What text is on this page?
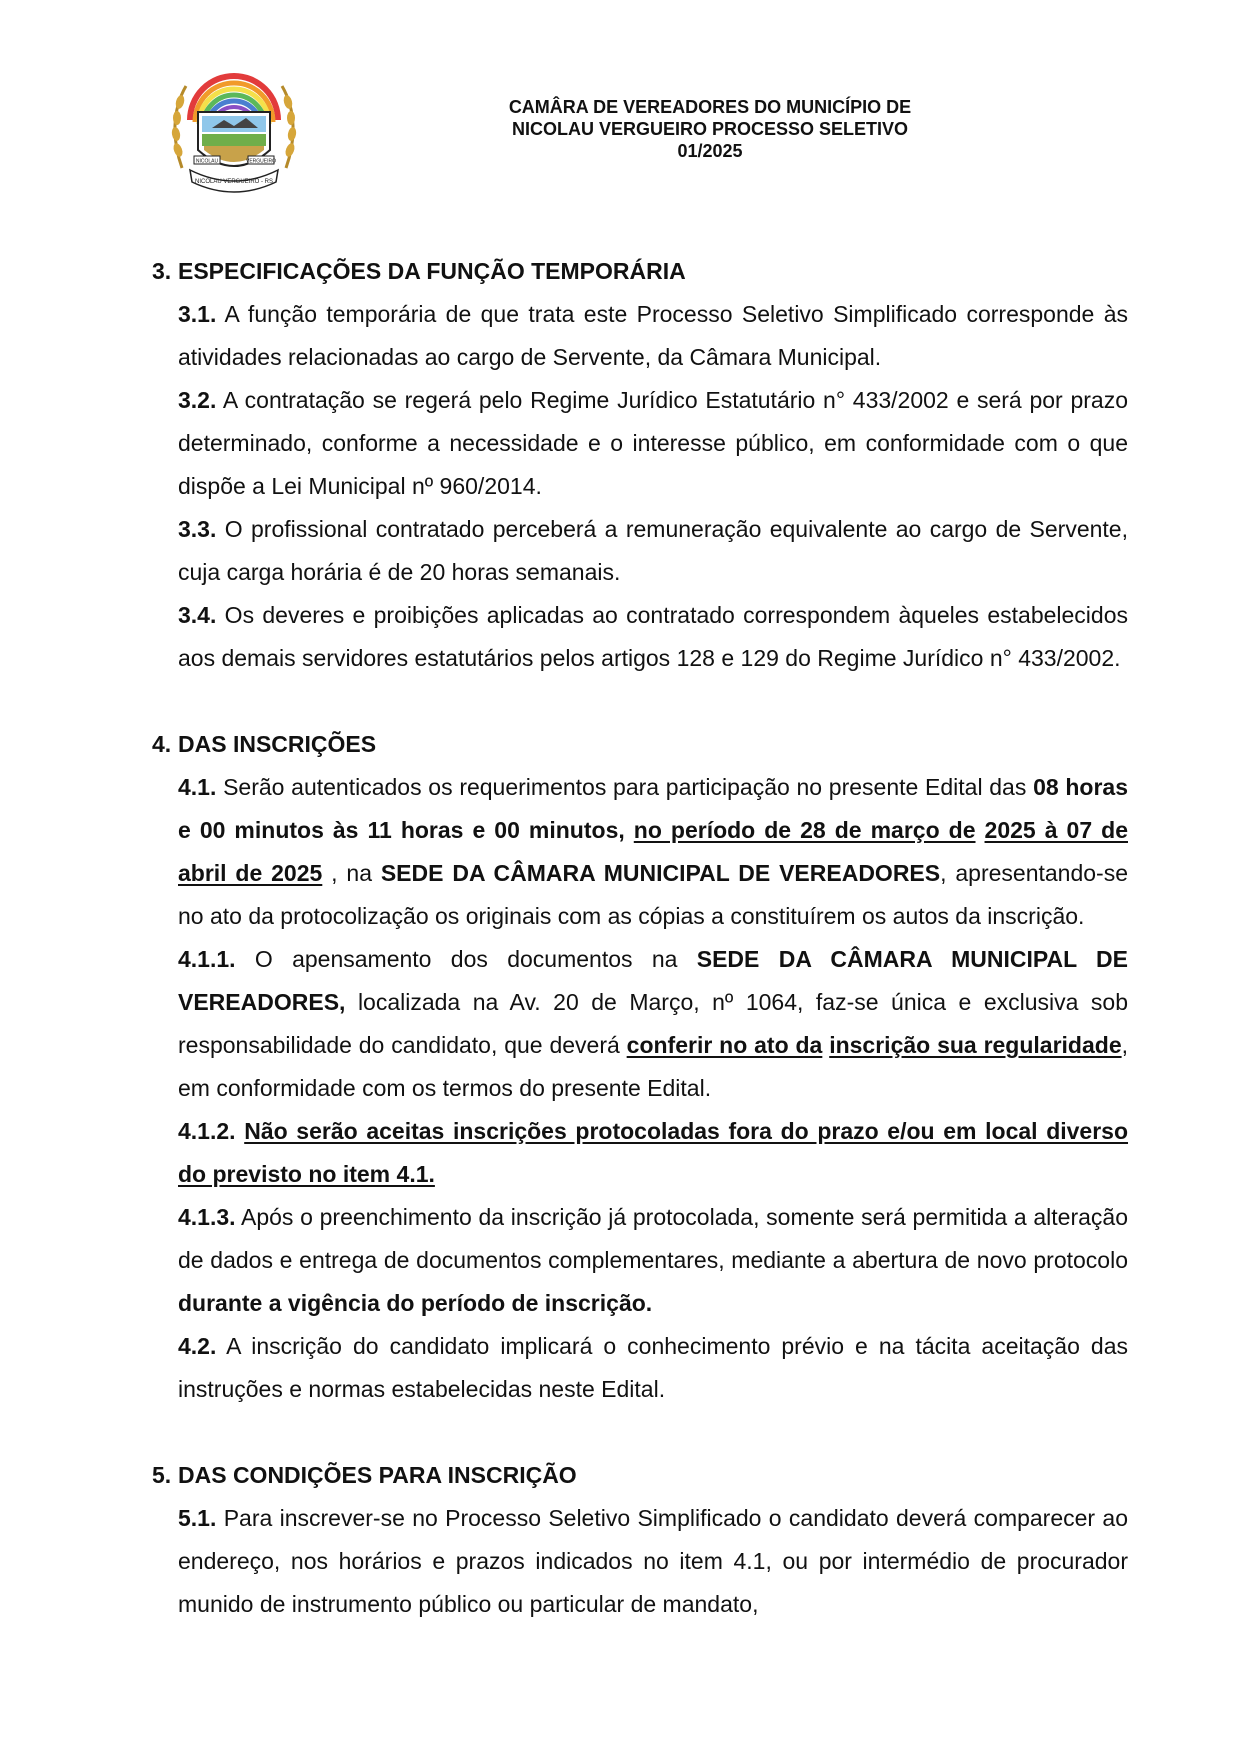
NICOLAU	VERGUEIRO
NICOLAU VERGUEIRO - RS
CAMÂRA DE VEREADORES DO MUNICÍPIO DE
NICOLAU VERGUEIRO PROCESSO SELETIVO
01/2025
3. ESPECIFICAÇÕES DA FUNÇÃO TEMPORÁRIA
3.1. A função temporária de que trata este Processo Seletivo Simplificado corresponde às atividades relacionadas ao cargo de Servente, da Câmara Municipal.
3.2. A contratação se regerá pelo Regime Jurídico Estatutário n° 433/2002 e será por prazo determinado, conforme a necessidade e o interesse público, em conformidade com o que dispõe a Lei Municipal nº 960/2014.
3.3. O profissional contratado perceberá a remuneração equivalente ao cargo de Servente, cuja carga horária é de 20 horas semanais.
3.4. Os deveres e proibições aplicadas ao contratado correspondem àqueles estabelecidos aos demais servidores estatutários pelos artigos 128 e 129 do Regime Jurídico n° 433/2002.
4. DAS INSCRIÇÕES
4.1. Serão autenticados os requerimentos para participação no presente Edital das 08 horas e 00 minutos às 11 horas e 00 minutos, no período de 28 de março de 2025 à 07 de abril de 2025 , na SEDE DA CÂMARA MUNICIPAL DE VEREADORES, apresentando-se no ato da protocolização os originais com as cópias a constituírem os autos da inscrição.
4.1.1. O apensamento dos documentos na SEDE DA CÂMARA MUNICIPAL DE VEREADORES, localizada na Av. 20 de Março, nº 1064, faz-se única e exclusiva sob responsabilidade do candidato, que deverá conferir no ato da inscrição sua regularidade, em conformidade com os termos do presente Edital.
4.1.2. Não serão aceitas inscrições protocoladas fora do prazo e/ou em local diverso do previsto no item 4.1.
4.1.3. Após o preenchimento da inscrição já protocolada, somente será permitida a alteração de dados e entrega de documentos complementares, mediante a abertura de novo protocolo durante a vigência do período de inscrição.
4.2. A inscrição do candidato implicará o conhecimento prévio e na tácita aceitação das instruções e normas estabelecidas neste Edital.
5. DAS CONDIÇÕES PARA INSCRIÇÃO
5.1. Para inscrever-se no Processo Seletivo Simplificado o candidato deverá comparecer ao endereço, nos horários e prazos indicados no item 4.1, ou por intermédio de procurador munido de instrumento público ou particular de mandato,
